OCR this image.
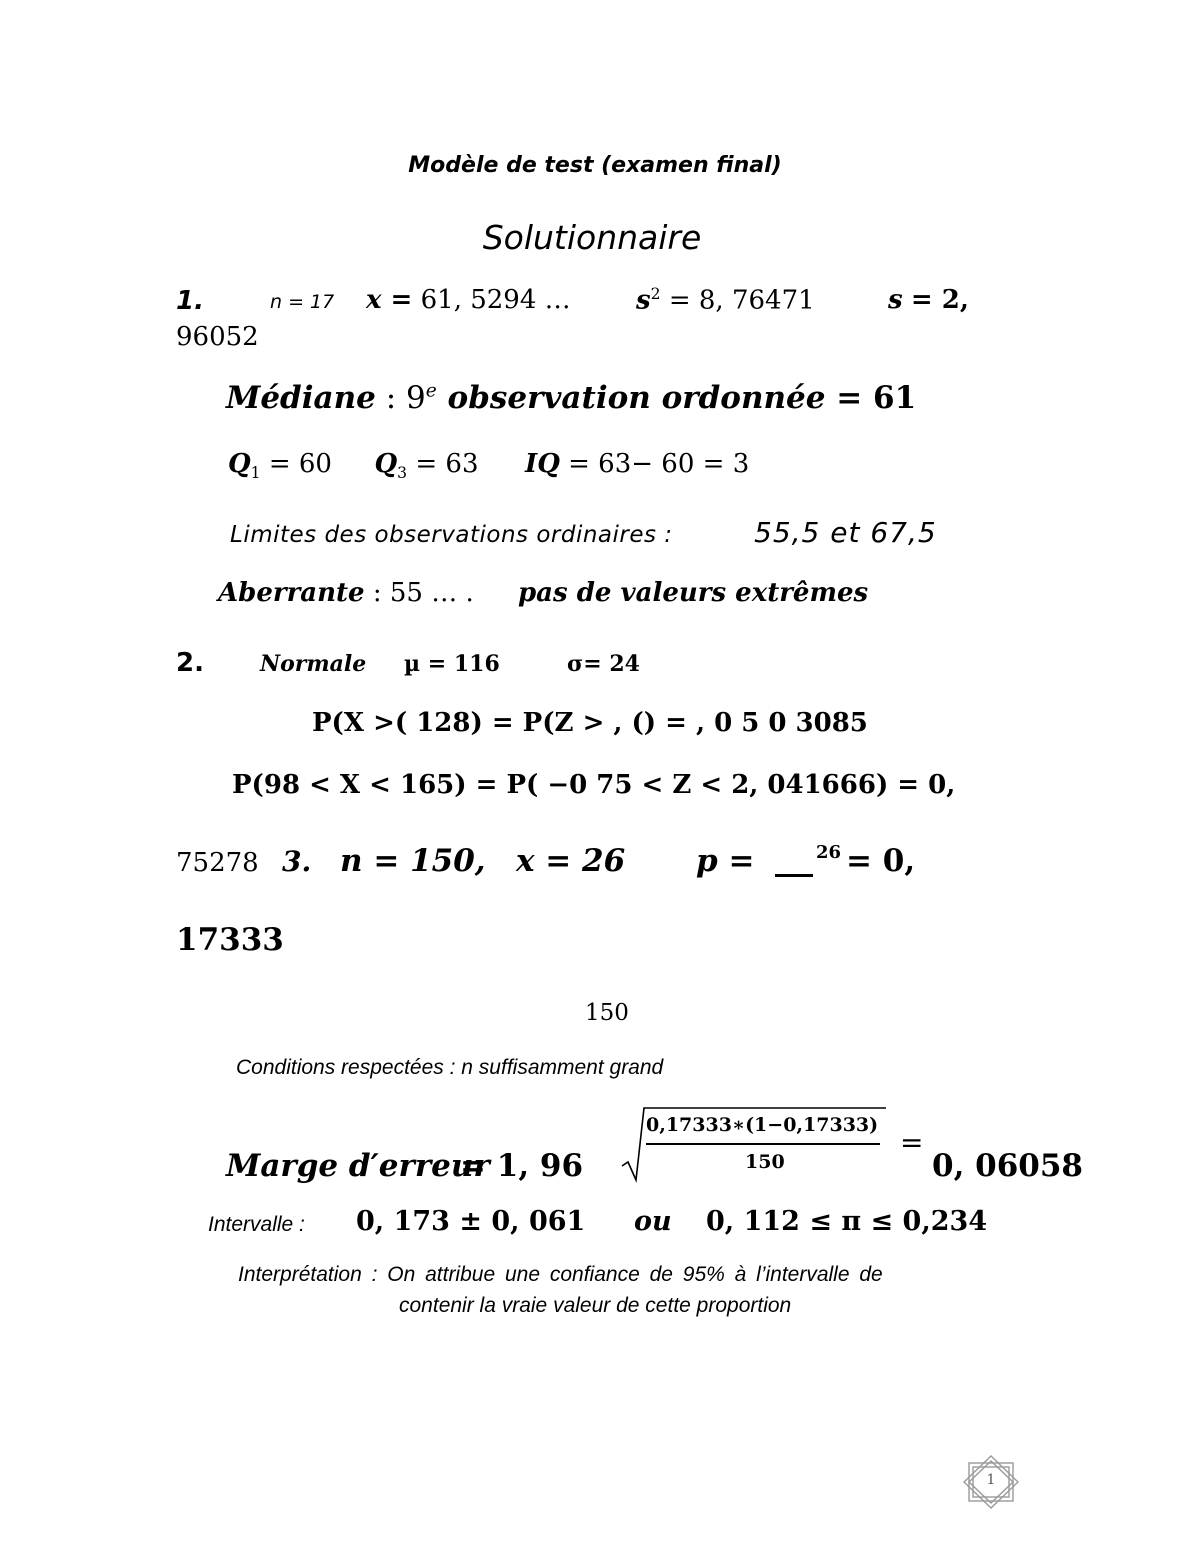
Modèle de test (examen final)
Solutionnaire
1.	n = 17 x = 61, 5294 …	$s^2 = 8$, 76471	s = 2,
96052
Médiane : 9e observation ordonnée = 61
$Q_1 = 60$ $Q_3 = 63$ IQ = 63− 60 = 3
Limites des observations ordinaires :	55,5 et 67,5
Aberrante : 55 … . pas de valeurs extrêmes
2.	Normale µ = 116	σ= 24
P(X >( 128) = P(Z > , () = , 0 5 0 3085
P(98 < X < 165) = P( −0 75 < Z < 2, 041666) = 0,
75278 3. n = 150, x = 26 p =	26 = 0,
17333
150
Conditions respectées : n suffisamment grand
Marge d′erreur
= 1, 96
0,17333∗(1−0,17333)
150
=
0, 06058
Intervalle : 0, 173 ± 0, 061 ou 0, 112 ≤ π ≤ 0,234
Interprétation : On attribue une confiance de 95% à l’intervalle de
contenir la vraie valeur de cette proportion
1
